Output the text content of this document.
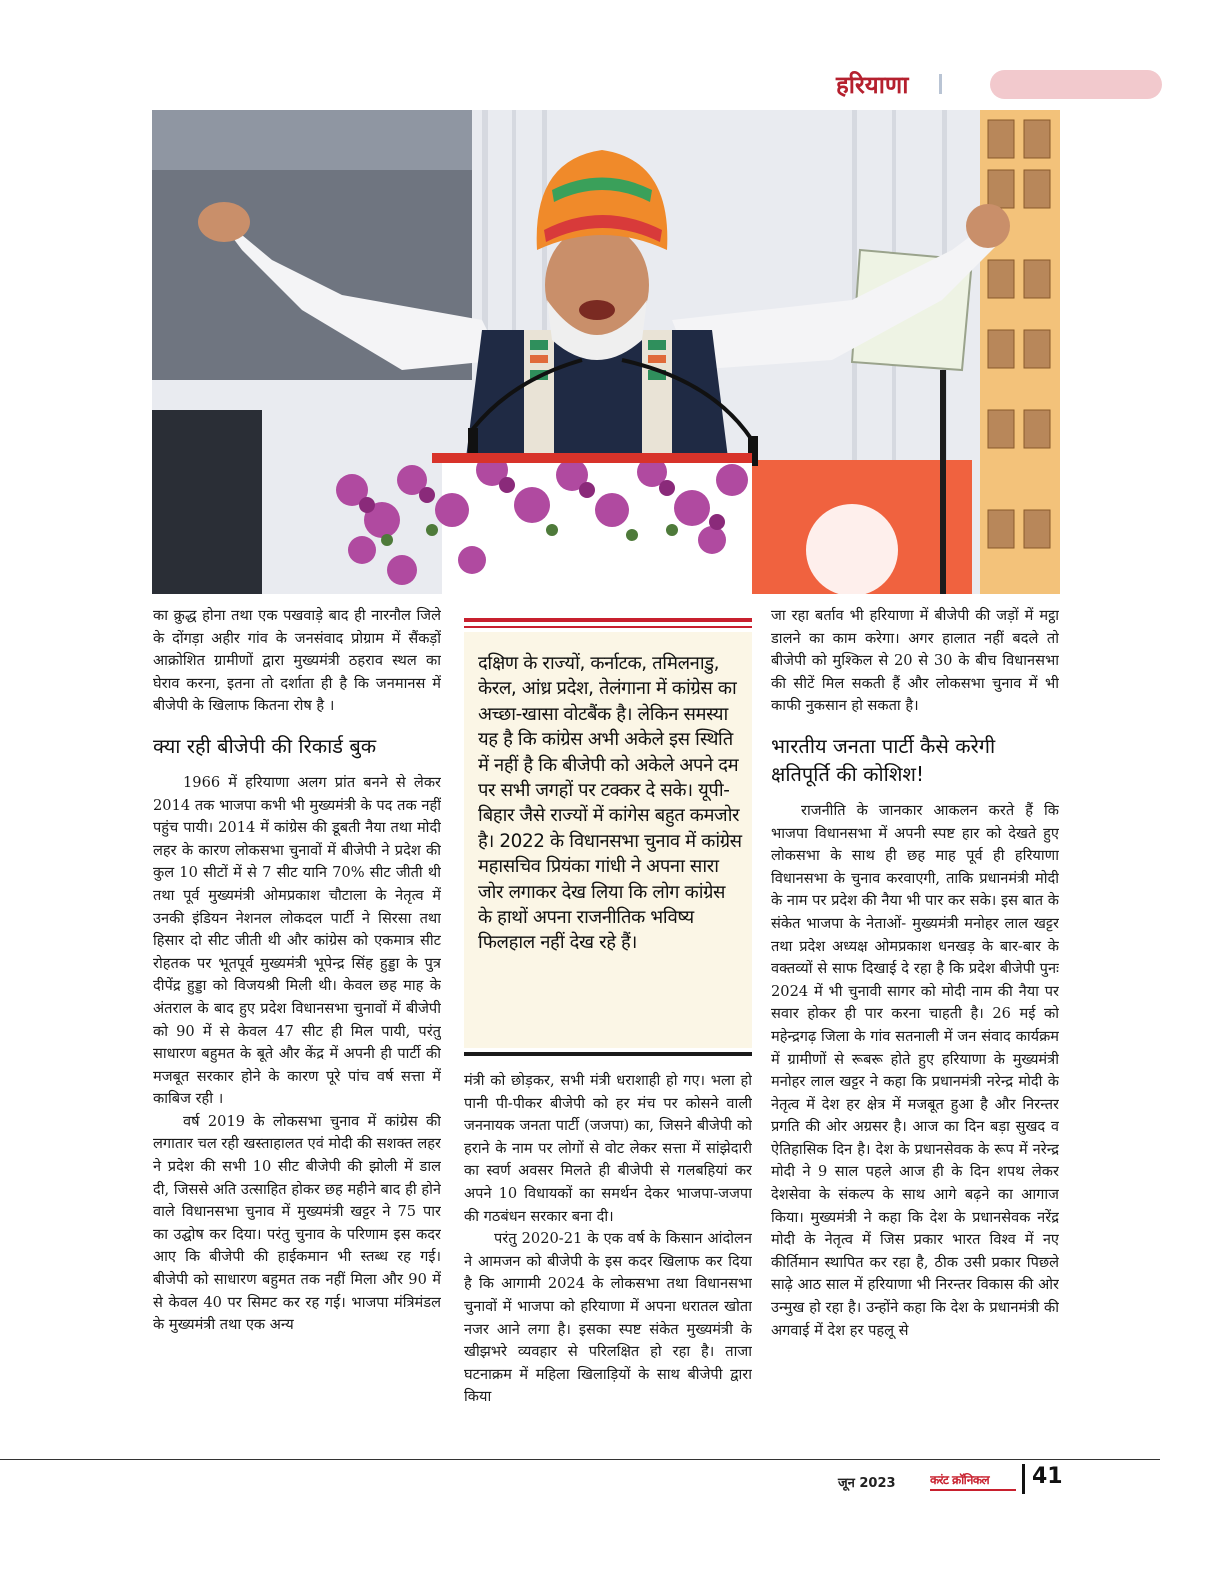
हरियाणा

का क्रुद्ध होना तथा एक पखवाड़े बाद ही नारनौल जिले के दोंगड़ा अहीर गांव के जनसंवाद प्रोग्राम में सैंकड़ों आक्रोशित ग्रामीणों द्वारा मुख्यमंत्री ठहराव स्थल का घेराव करना, इतना तो दर्शाता ही है कि जनमानस में बीजेपी के खिलाफ कितना रोष है ।

क्या रही बीजेपी की रिकार्ड बुक

1966 में हरियाणा अलग प्रांत बनने से लेकर 2014 तक भाजपा कभी भी मुख्यमंत्री के पद तक नहीं पहुंच पायी। 2014 में कांग्रेस की डूबती नैया तथा मोदी लहर के कारण लोकसभा चुनावों में बीजेपी ने प्रदेश की कुल 10 सीटों में से 7 सीट यानि 70% सीट जीती थी तथा पूर्व मुख्यमंत्री ओमप्रकाश चौटाला के नेतृत्व में उनकी इंडियन नेशनल लोकदल पार्टी ने सिरसा तथा हिसार दो सीट जीती थी और कांग्रेस को एकमात्र सीट रोहतक पर भूतपूर्व मुख्यमंत्री भूपेन्द्र सिंह हुड्डा के पुत्र दीपेंद्र हुड्डा को विजयश्री मिली थी। केवल छह माह के अंतराल के बाद हुए प्रदेश विधानसभा चुनावों में बीजेपी को 90 में से केवल 47 सीट ही मिल पायी, परंतु साधारण बहुमत के बूते और केंद्र में अपनी ही पार्टी की मजबूत सरकार होने के कारण पूरे पांच वर्ष सत्ता में काबिज रही ।

वर्ष 2019 के लोकसभा चुनाव में कांग्रेस की लगातार चल रही खस्ताहालत एवं मोदी की सशक्त लहर ने प्रदेश की सभी 10 सीट बीजेपी की झोली में डाल दी, जिससे अति उत्साहित होकर छह महीने बाद ही होने वाले विधानसभा चुनाव में मुख्यमंत्री खट्टर ने 75 पार का उद्घोष कर दिया। परंतु चुनाव के परिणाम इस कदर आए कि बीजेपी की हाईकमान भी स्तब्ध रह गई। बीजेपी को साधारण बहुमत तक नहीं मिला और 90 में से केवल 40 पर सिमट कर रह गई। भाजपा मंत्रिमंडल के मुख्यमंत्री तथा एक अन्य

दक्षिण के राज्यों, कर्नाटक, तमिलनाडु, केरल, आंध्र प्रदेश, तेलंगाना में कांग्रेस का अच्छा-खासा वोटबैंक है। लेकिन समस्या यह है कि कांग्रेस अभी अकेले इस स्थिति में नहीं है कि बीजेपी को अकेले अपने दम पर सभी जगहों पर टक्कर दे सके। यूपी-बिहार जैसे राज्यों में कांगेस बहुत कमजोर है। 2022 के विधानसभा चुनाव में कांग्रेस महासचिव प्रियंका गांधी ने अपना सारा जोर लगाकर देख लिया कि लोग कांग्रेस के हाथों अपना राजनीतिक भविष्य फिलहाल नहीं देख रहे हैं।

मंत्री को छोड़कर, सभी मंत्री धराशाही हो गए। भला हो पानी पी-पीकर बीजेपी को हर मंच पर कोसने वाली जननायक जनता पार्टी (जजपा) का, जिसने बीजेपी को हराने के नाम पर लोगों से वोट लेकर सत्ता में सांझेदारी का स्वर्ण अवसर मिलते ही बीजेपी से गलबहियां कर अपने 10 विधायकों का समर्थन देकर भाजपा-जजपा की गठबंधन सरकार बना दी।

परंतु 2020-21 के एक वर्ष के किसान आंदोलन ने आमजन को बीजेपी के इस कदर खिलाफ कर दिया है कि आगामी 2024 के लोकसभा तथा विधानसभा चुनावों में भाजपा को हरियाणा में अपना धरातल खोता नजर आने लगा है। इसका स्पष्ट संकेत मुख्यमंत्री के खीझभरे व्यवहार से परिलक्षित हो रहा है। ताजा घटनाक्रम में महिला खिलाड़ियों के साथ बीजेपी द्वारा किया

जा रहा बर्ताव भी हरियाणा में बीजेपी की जड़ों में मट्ठा डालने का काम करेगा। अगर हालात नहीं बदले तो बीजेपी को मुश्किल से 20 से 30 के बीच विधानसभा की सीटें मिल सकती हैं और लोकसभा चुनाव में भी काफी नुकसान हो सकता है।

भारतीय जनता पार्टी कैसे करेगी क्षतिपूर्ति की कोशिश!

राजनीति के जानकार आकलन करते हैं कि भाजपा विधानसभा में अपनी स्पष्ट हार को देखते हुए लोकसभा के साथ ही छह माह पूर्व ही हरियाणा विधानसभा के चुनाव करवाएगी, ताकि प्रधानमंत्री मोदी के नाम पर प्रदेश की नैया भी पार कर सके। इस बात के संकेत भाजपा के नेताओं- मुख्यमंत्री मनोहर लाल खट्टर तथा प्रदेश अध्यक्ष ओमप्रकाश धनखड़ के बार-बार के वक्तव्यों से साफ दिखाई दे रहा है कि प्रदेश बीजेपी पुनः 2024 में भी चुनावी सागर को मोदी नाम की नैया पर सवार होकर ही पार करना चाहती है। 26 मई को महेन्द्रगढ़ जिला के गांव सतनाली में जन संवाद कार्यक्रम में ग्रामीणों से रूबरू होते हुए हरियाणा के मुख्यमंत्री मनोहर लाल खट्टर ने कहा कि प्रधानमंत्री नरेन्द्र मोदी के नेतृत्व में देश हर क्षेत्र में मजबूत हुआ है और निरन्तर प्रगति की ओर अग्रसर है। आज का दिन बड़ा सुखद व ऐतिहासिक दिन है। देश के प्रधानसेवक के रूप में नरेन्द्र मोदी ने 9 साल पहले आज ही के दिन शपथ लेकर देशसेवा के संकल्प के साथ आगे बढ़ने का आगाज किया। मुख्यमंत्री ने कहा कि देश के प्रधानसेवक नरेंद्र मोदी के नेतृत्व में जिस प्रकार भारत विश्व में नए कीर्तिमान स्थापित कर रहा है, ठीक उसी प्रकार पिछले साढ़े आठ साल में हरियाणा भी निरन्तर विकास की ओर उन्मुख हो रहा है। उन्होंने कहा कि देश के प्रधानमंत्री की अगवाई में देश हर पहलू से

जून 2023	करंट क्रॉनिकल	41
